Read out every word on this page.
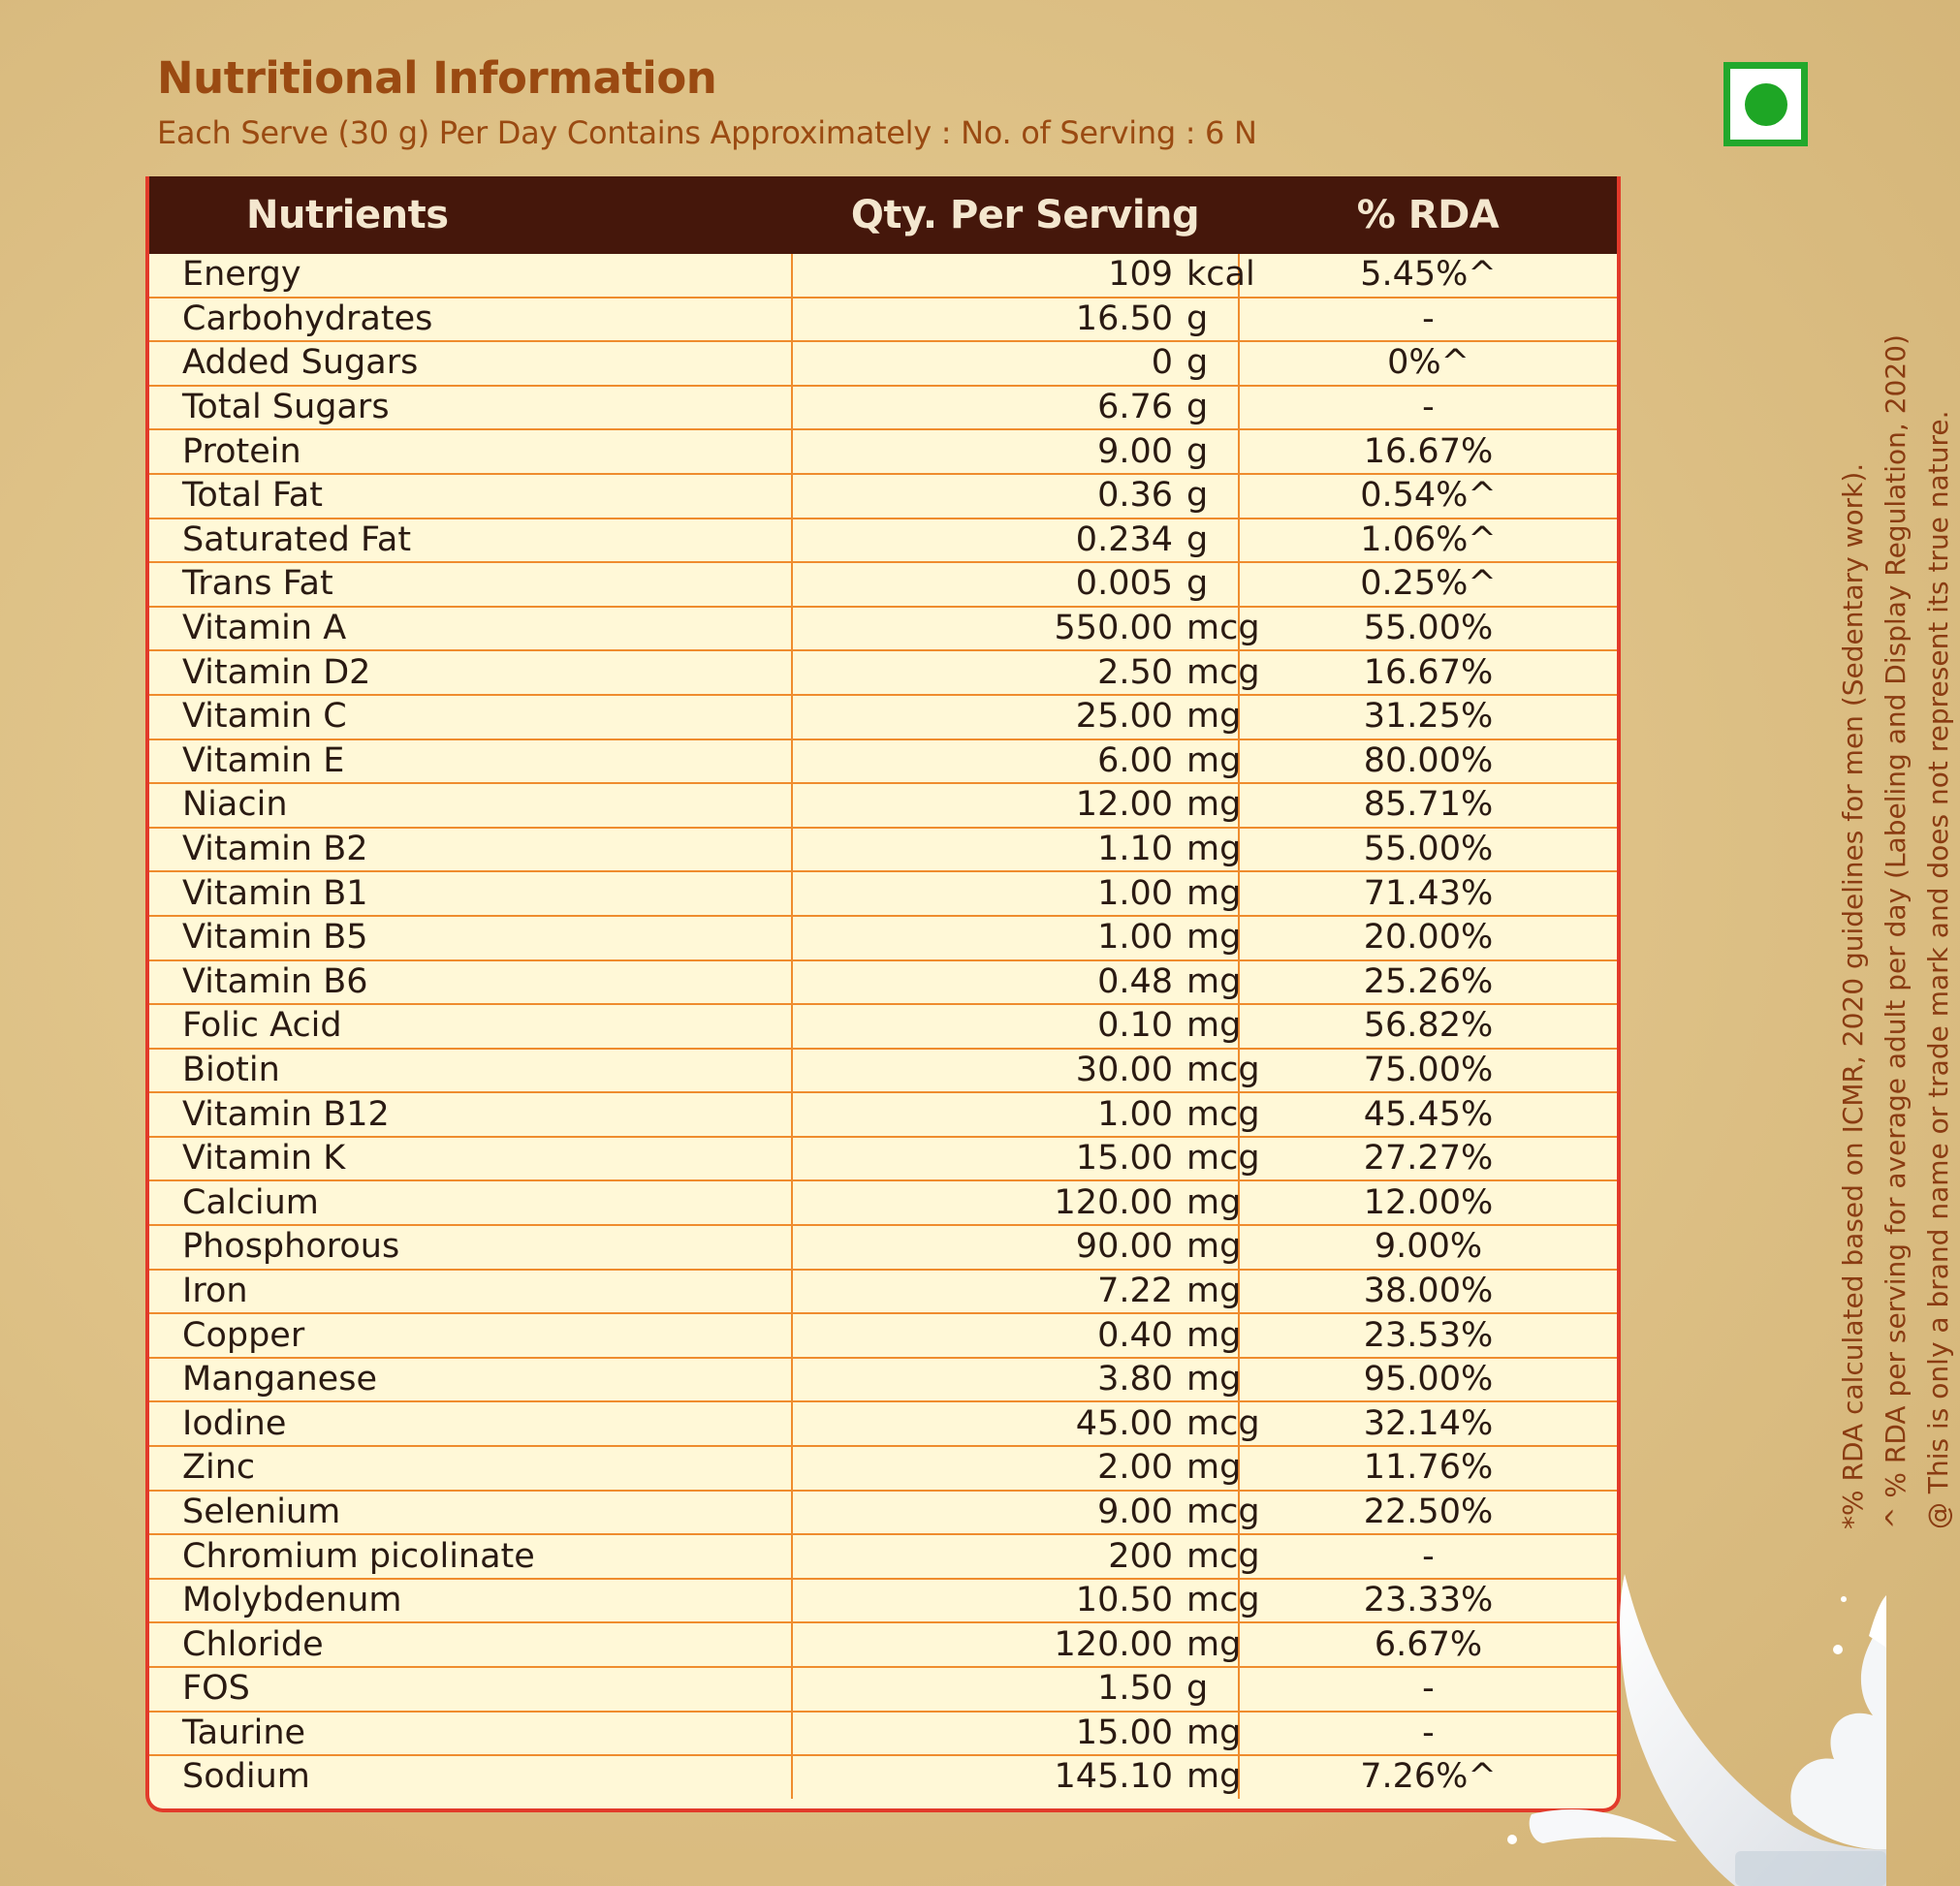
Nutritional Information

Each Serve (30 g) Per Day Contains Approximately : No. of Serving : 6 N

Nutrients	Qty. Per Serving	% RDA
Energy	109 kcal	5.45%^
Carbohydrates	16.50 g	-
Added Sugars	0 g	0%^
Total Sugars	6.76 g	-
Protein	9.00 g	16.67%
Total Fat	0.36 g	0.54%^
Saturated Fat	0.234 g	1.06%^
Trans Fat	0.005 g	0.25%^
Vitamin A	550.00 mcg	55.00%
Vitamin D2	2.50 mcg	16.67%
Vitamin C	25.00 mg	31.25%
Vitamin E	6.00 mg	80.00%
Niacin	12.00 mg	85.71%
Vitamin B2	1.10 mg	55.00%
Vitamin B1	1.00 mg	71.43%
Vitamin B5	1.00 mg	20.00%
Vitamin B6	0.48 mg	25.26%
Folic Acid	0.10 mg	56.82%
Biotin	30.00 mcg	75.00%
Vitamin B12	1.00 mcg	45.45%
Vitamin K	15.00 mcg	27.27%
Calcium	120.00 mg	12.00%
Phosphorous	90.00 mg	9.00%
Iron	7.22 mg	38.00%
Copper	0.40 mg	23.53%
Manganese	3.80 mg	95.00%
Iodine	45.00 mcg	32.14%
Zinc	2.00 mg	11.76%
Selenium	9.00 mcg	22.50%
Chromium picolinate	200 mcg	-
Molybdenum	10.50 mcg	23.33%
Chloride	120.00 mg	6.67%
FOS	1.50 g	-
Taurine	15.00 mg	-
Sodium	145.10 mg	7.26%^
*% RDA calculated based on ICMR, 2020 guidelines for men (Sedentary work). ^ % RDA per serving for average adult per day (Labeling and Display Regulation, 2020) @ This is only a brand name or trade mark and does not represent its true nature.
